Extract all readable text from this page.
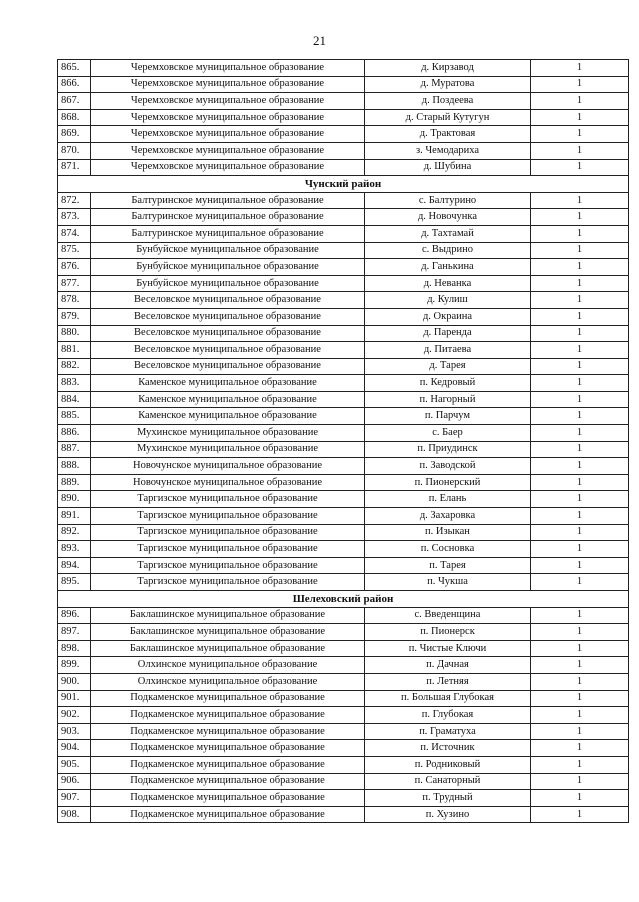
21
865.	Черемховское муниципальное образование	д. Кирзавод	1
866.	Черемховское муниципальное образование	д. Муратова	1
867.	Черемховское муниципальное образование	д. Поздеева	1
868.	Черемховское муниципальное образование	д. Старый Кутугун	1
869.	Черемховское муниципальное образование	д. Трактовая	1
870.	Черемховское муниципальное образование	з. Чемодариха	1
871.	Черемховское муниципальное образование	д. Шубина	1
Чунский район			
872.	Балтуринское муниципальное образование	с. Балтурино	1
873.	Балтуринское муниципальное образование	д. Новочунка	1
874.	Балтуринское муниципальное образование	д. Тахтамай	1
875.	Бунбуйское муниципальное образование	с. Выдрино	1
876.	Бунбуйское муниципальное образование	д. Ганькина	1
877.	Бунбуйское муниципальное образование	д. Неванка	1
878.	Веселовское муниципальное образование	д. Кулиш	1
879.	Веселовское муниципальное образование	д. Окраина	1
880.	Веселовское муниципальное образование	д. Паренда	1
881.	Веселовское муниципальное образование	д. Питаева	1
882.	Веселовское муниципальное образование	д. Тарея	1
883.	Каменское муниципальное образование	п. Кедровый	1
884.	Каменское муниципальное образование	п. Нагорный	1
885.	Каменское муниципальное образование	п. Парчум	1
886.	Мухинское муниципальное образование	с. Баер	1
887.	Мухинское муниципальное образование	п. Приудинск	1
888.	Новочунское муниципальное образование	п. Заводской	1
889.	Новочунское муниципальное образование	п. Пионерский	1
890.	Таргизское муниципальное образование	п. Елань	1
891.	Таргизское муниципальное образование	д. Захаровка	1
892.	Таргизское муниципальное образование	п. Изыкан	1
893.	Таргизское муниципальное образование	п. Сосновка	1
894.	Таргизское муниципальное образование	п. Тарея	1
895.	Таргизское муниципальное образование	п. Чукша	1
Шелеховский район			
896.	Баклашинское муниципальное образование	с. Введенщина	1
897.	Баклашинское муниципальное образование	п. Пионерск	1
898.	Баклашинское муниципальное образование	п. Чистые Ключи	1
899.	Олхинское муниципальное образование	п. Дачная	1
900.	Олхинское муниципальное образование	п. Летняя	1
901.	Подкаменское муниципальное образование	п. Большая Глубокая	1
902.	Подкаменское муниципальное образование	п. Глубокая	1
903.	Подкаменское муниципальное образование	п. Граматуха	1
904.	Подкаменское муниципальное образование	п. Источник	1
905.	Подкаменское муниципальное образование	п. Родниковый	1
906.	Подкаменское муниципальное образование	п. Санаторный	1
907.	Подкаменское муниципальное образование	п. Трудный	1
908.	Подкаменское муниципальное образование	п. Хузино	1
